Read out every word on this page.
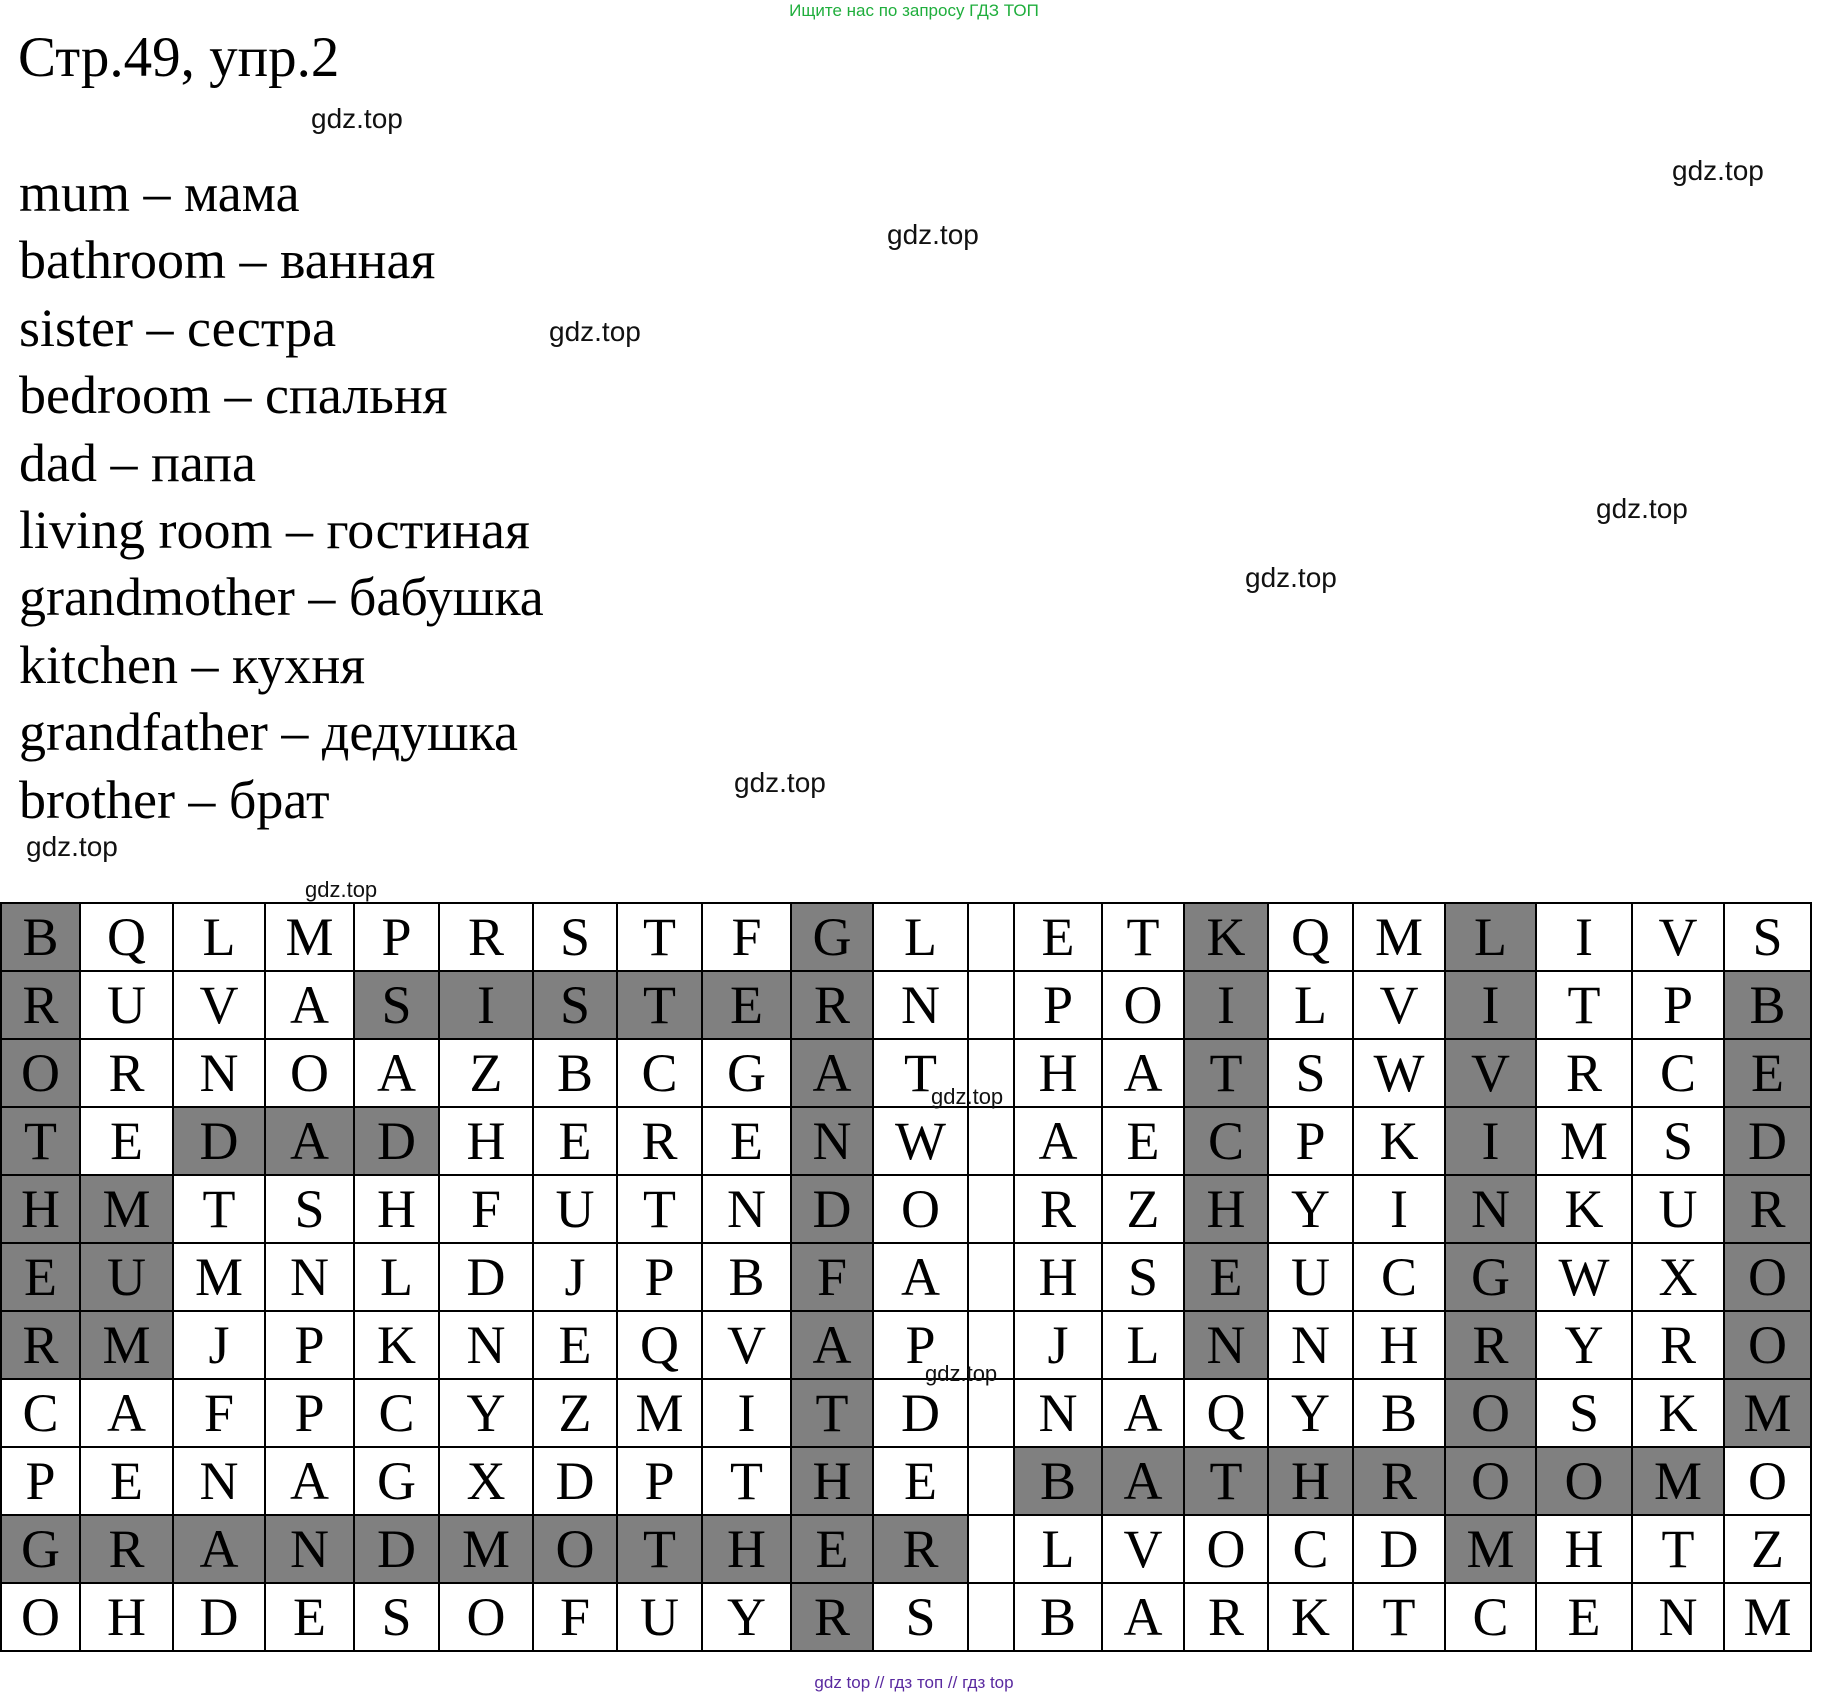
Ищите нас по запросу ГДЗ ТОП
Стр.49, упр.2
mum – мама
bathroom – ванная
sister – сестра
bedroom – спальня
dad – папа
living room – гостиная
grandmother – бабушка
kitchen – кухня
grandfather – дедушка
brother – брат
gdz.top
gdz.top
gdz.top
gdz.top
gdz.top
gdz.top
gdz.top
gdz.top
gdz.top
B	Q	L	M	P	R	S	T	F	G	L		E	T	K	Q	M	L	I	V	S
R	U	V	A	S	I	S	T	E	R	N		P	O	I	L	V	I	T	P	B
O	R	N	O	A	Z	B	C	G	A	T		H	A	T	S	W	V	R	C	E
T	E	D	A	D	H	E	R	E	N	W		A	E	C	P	K	I	M	S	D
H	M	T	S	H	F	U	T	N	D	O		R	Z	H	Y	I	N	K	U	R
E	U	M	N	L	D	J	P	B	F	A		H	S	E	U	C	G	W	X	O
R	M	J	P	K	N	E	Q	V	A	P		J	L	N	N	H	R	Y	R	O
C	A	F	P	C	Y	Z	M	I	T	D		N	A	Q	Y	B	O	S	K	M
P	E	N	A	G	X	D	P	T	H	E		B	A	T	H	R	O	O	M	O
G	R	A	N	D	M	O	T	H	E	R		L	V	O	C	D	M	H	T	Z
O	H	D	E	S	O	F	U	Y	R	S		B	A	R	K	T	C	E	N	M
gdz.top
gdz.top
gdz top // гдз топ // гдз top
